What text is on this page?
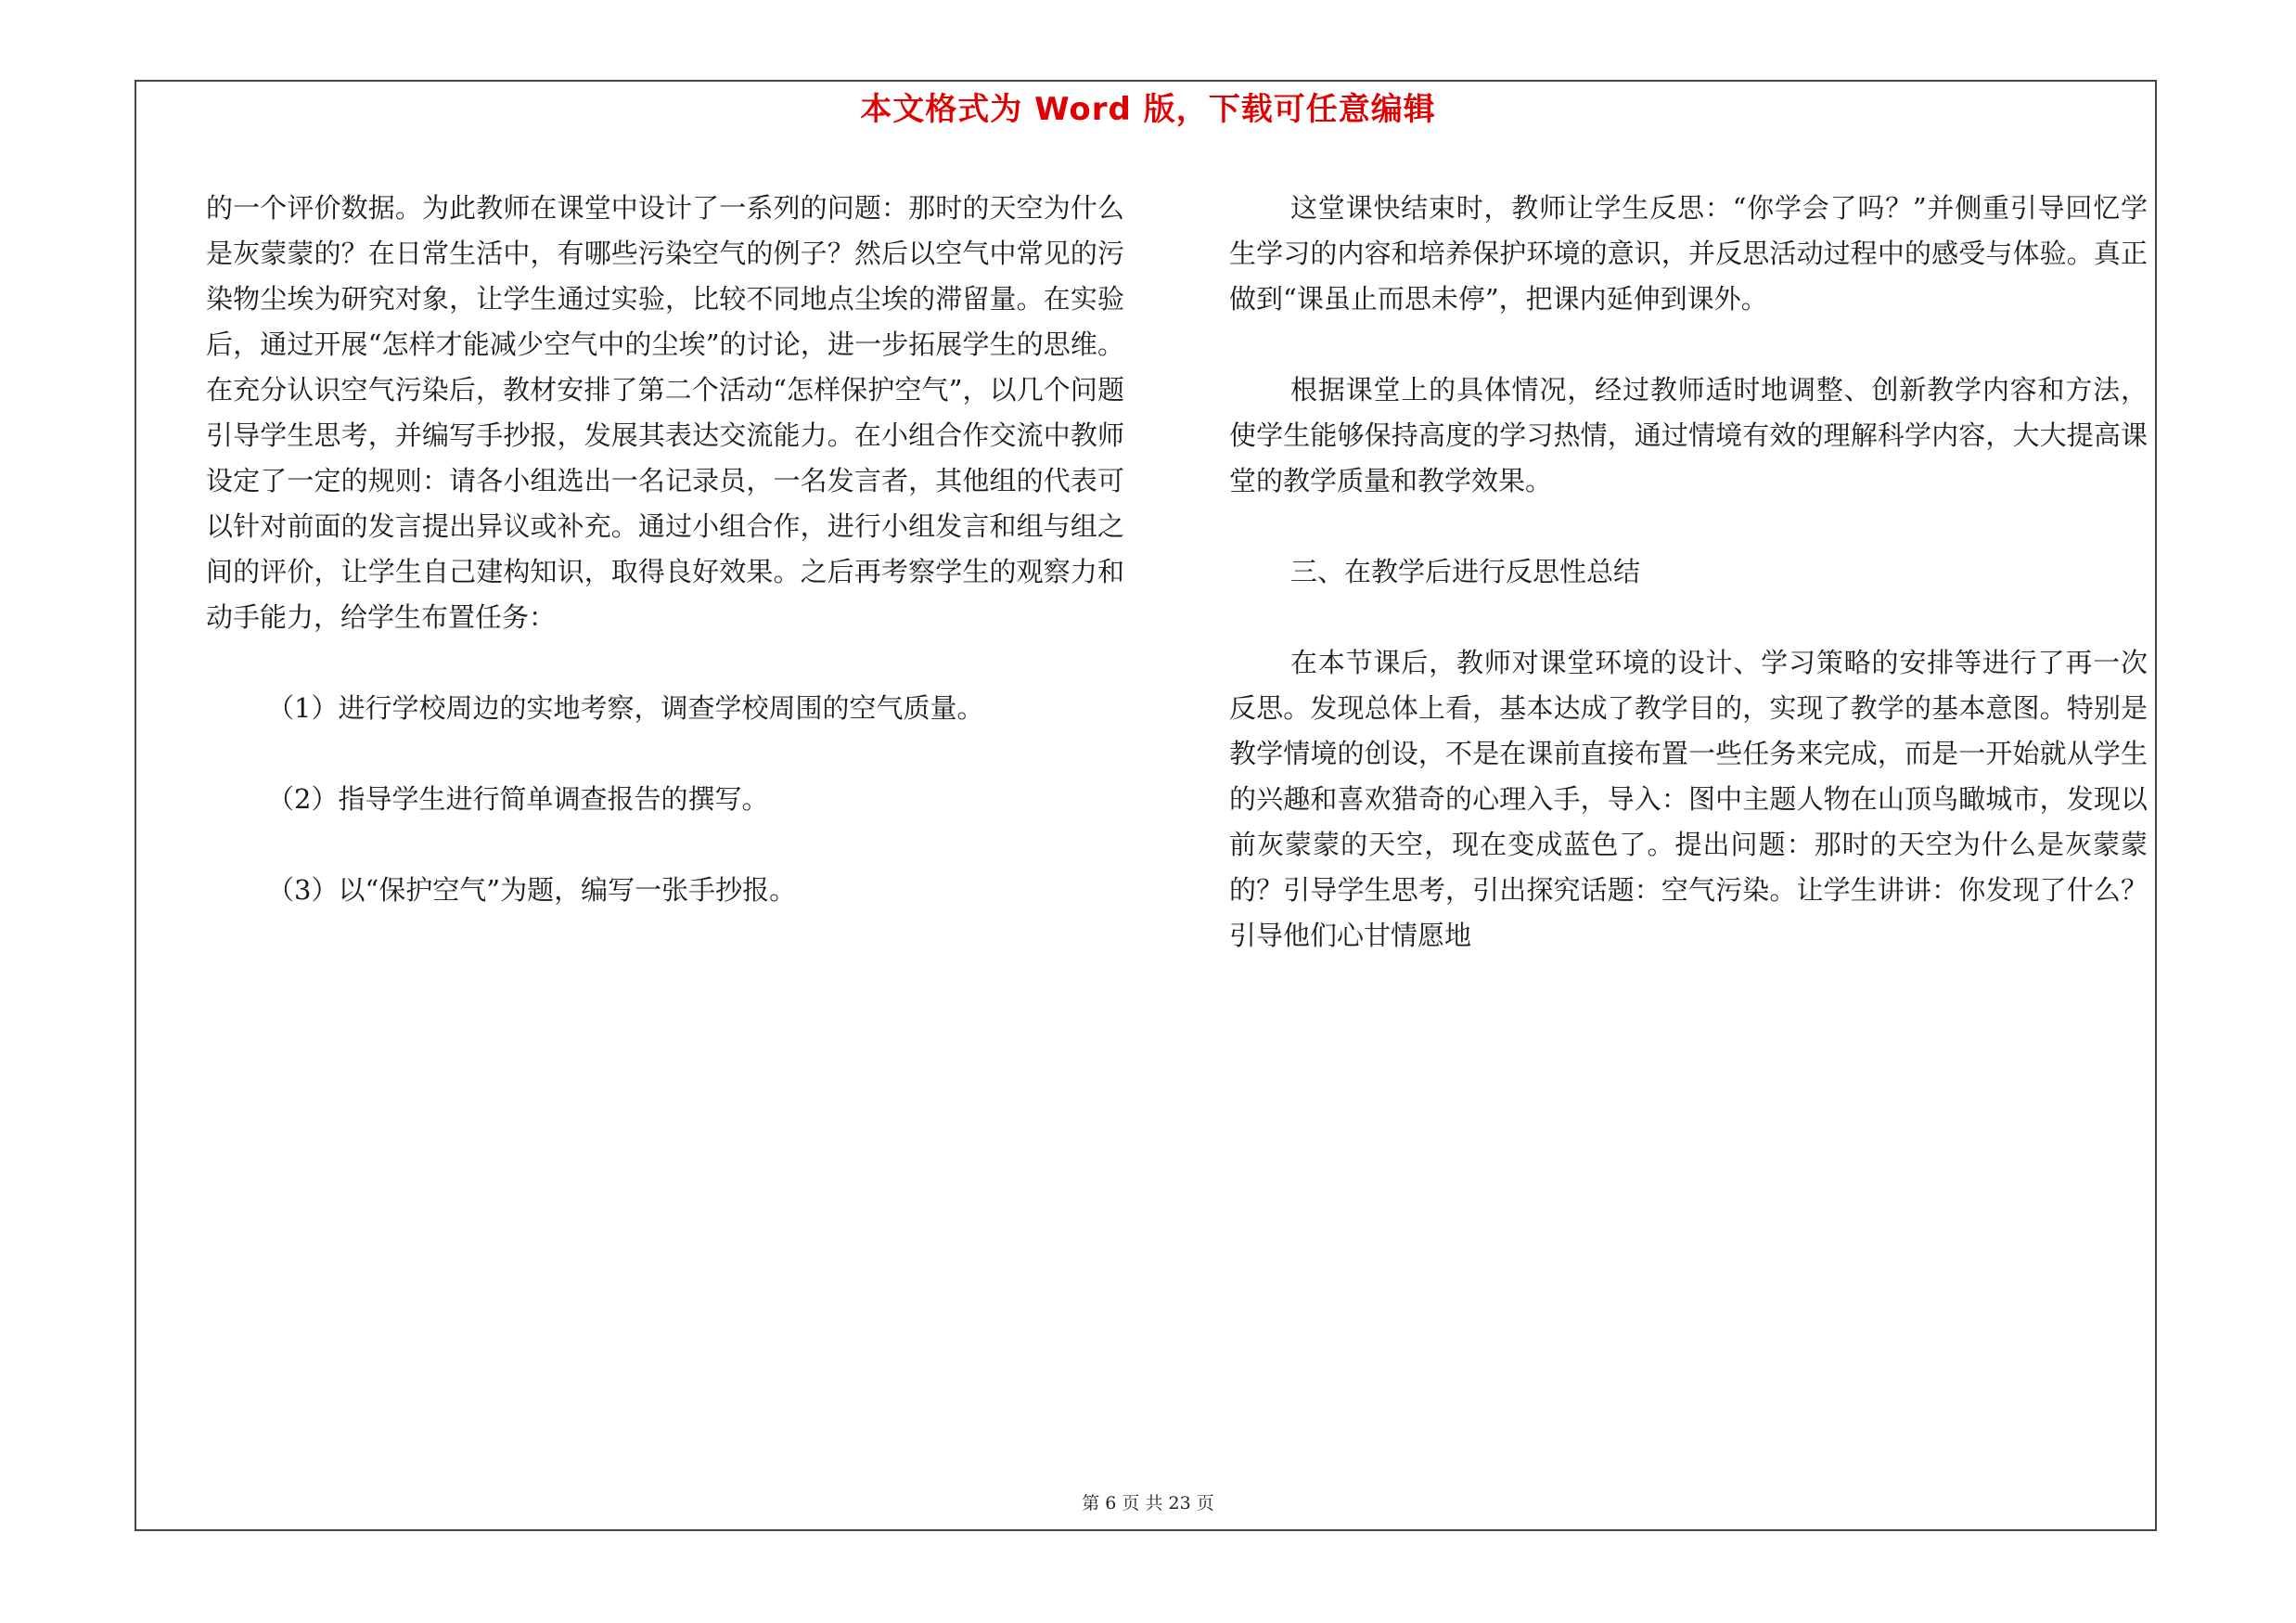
本文格式为 Word 版，下载可任意编辑

的一个评价数据。为此教师在课堂中设计了一系列的问题：那时的天空为什么是灰蒙蒙的？在日常生活中，有哪些污染空气的例子？然后以空气中常见的污染物尘埃为研究对象，让学生通过实验，比较不同地点尘埃的滞留量。在实验后，通过开展“怎样才能减少空气中的尘埃”的讨论，进一步拓展学生的思维。在充分认识空气污染后，教材安排了第二个活动“怎样保护空气”，以几个问题引导学生思考，并编写手抄报，发展其表达交流能力。在小组合作交流中教师设定了一定的规则：请各小组选出一名记录员，一名发言者，其他组的代表可以针对前面的发言提出异议或补充。通过小组合作，进行小组发言和组与组之间的评价，让学生自己建构知识，取得良好效果。之后再考察学生的观察力和动手能力，给学生布置任务：

（1）进行学校周边的实地考察，调查学校周围的空气质量。

（2）指导学生进行简单调查报告的撰写。

（3）以“保护空气”为题，编写一张手抄报。

这堂课快结束时，教师让学生反思：“你学会了吗？”并侧重引导回忆学生学习的内容和培养保护环境的意识，并反思活动过程中的感受与体验。真正做到“课虽止而思未停”，把课内延伸到课外。

根据课堂上的具体情况，经过教师适时地调整、创新教学内容和方法，使学生能够保持高度的学习热情，通过情境有效的理解科学内容，大大提高课堂的教学质量和教学效果。

三、在教学后进行反思性总结

在本节课后，教师对课堂环境的设计、学习策略的安排等进行了再一次反思。发现总体上看，基本达成了教学目的，实现了教学的基本意图。特别是教学情境的创设，不是在课前直接布置一些任务来完成，而是一开始就从学生的兴趣和喜欢猎奇的心理入手，导入：图中主题人物在山顶鸟瞰城市，发现以前灰蒙蒙的天空，现在变成蓝色了。提出问题：那时的天空为什么是灰蒙蒙的？引导学生思考，引出探究话题：空气污染。让学生讲讲：你发现了什么？引导他们心甘情愿地

第 6 页 共 23 页
